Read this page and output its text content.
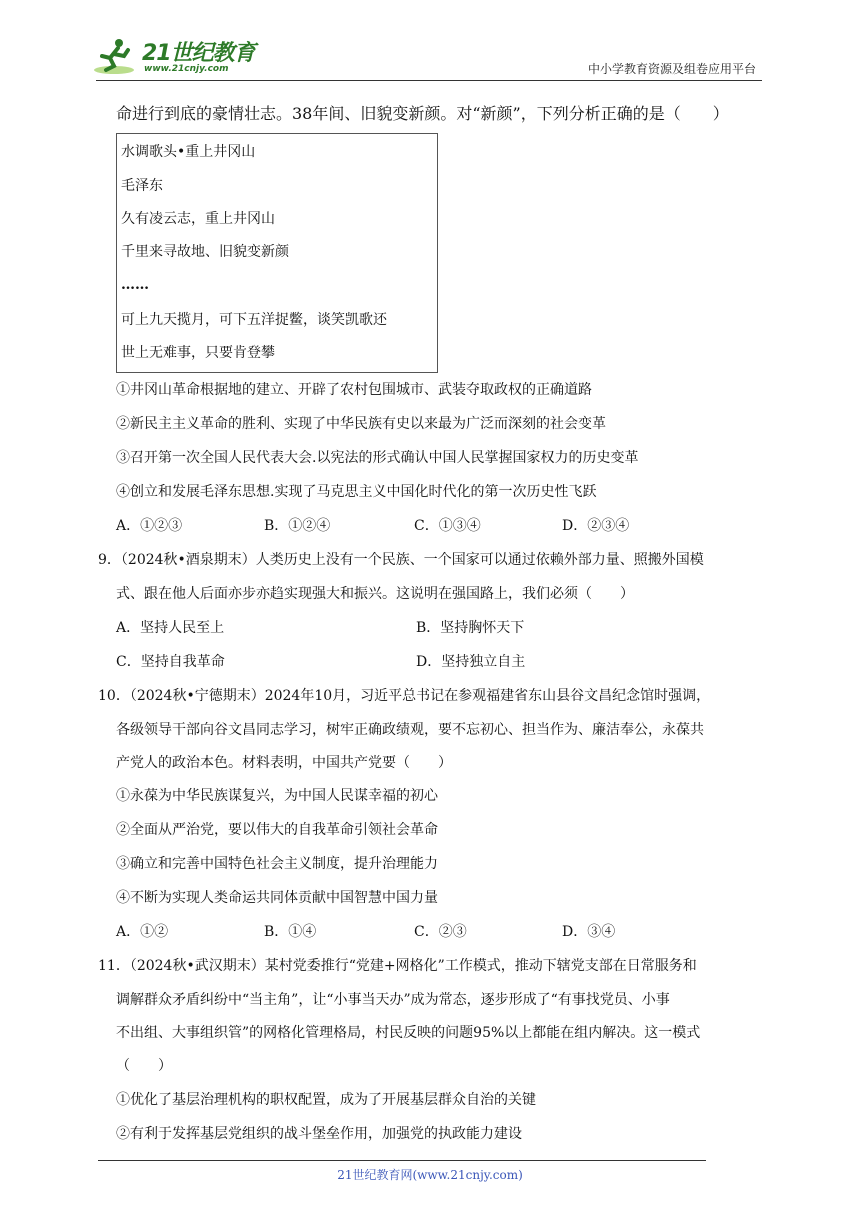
21世纪教育
www.21cnjy.com	中小学教育资源及组卷应用平台
命进行到底的豪情壮志。38年间、旧貌变新颜。对“新颜”，下列分析正确的是（　　）
水调歌头•重上井冈山
毛泽东
久有凌云志，重上井冈山
千里来寻故地、旧貌变新颜
……
可上九天揽月，可下五洋捉鳖，谈笑凯歌还
世上无难事，只要肯登攀
①井冈山革命根据地的建立、开辟了农村包围城市、武装夺取政权的正确道路
②新民主主义革命的胜利、实现了中华民族有史以来最为广泛而深刻的社会变革
③召开第一次全国人民代表大会.以宪法的形式确认中国人民掌握国家权力的历史变革
④创立和发展毛泽东思想.实现了马克思主义中国化时代化的第一次历史性飞跃
A．①②③	B．①②④	C．①③④	D．②③④
9．（2024秋•酒泉期末）人类历史上没有一个民族、一个国家可以通过依赖外部力量、照搬外国模
式、跟在他人后面亦步亦趋实现强大和振兴。这说明在强国路上，我们必须（　　）
A．坚持人民至上	B．坚持胸怀天下
C．坚持自我革命	D．坚持独立自主
10．（2024秋•宁德期末）2024年10月，习近平总书记在参观福建省东山县谷文昌纪念馆时强调，
各级领导干部向谷文昌同志学习，树牢正确政绩观，要不忘初心、担当作为、廉洁奉公，永葆共
产党人的政治本色。材料表明，中国共产党要（　　）
①永葆为中华民族谋复兴，为中国人民谋幸福的初心
②全面从严治党，要以伟大的自我革命引领社会革命
③确立和完善中国特色社会主义制度，提升治理能力
④不断为实现人类命运共同体贡献中国智慧中国力量
A．①②	B．①④	C．②③	D．③④
11．（2024秋•武汉期末）某村党委推行“党建+网格化”工作模式，推动下辖党支部在日常服务和
调解群众矛盾纠纷中“当主角”，让“小事当天办”成为常态，逐步形成了“有事找党员、小事
不出组、大事组织管”的网格化管理格局，村民反映的问题95%以上都能在组内解决。这一模式
（　　）
①优化了基层治理机构的职权配置，成为了开展基层群众自治的关键
②有利于发挥基层党组织的战斗堡垒作用，加强党的执政能力建设
21世纪教育网(www.21cnjy.com)
